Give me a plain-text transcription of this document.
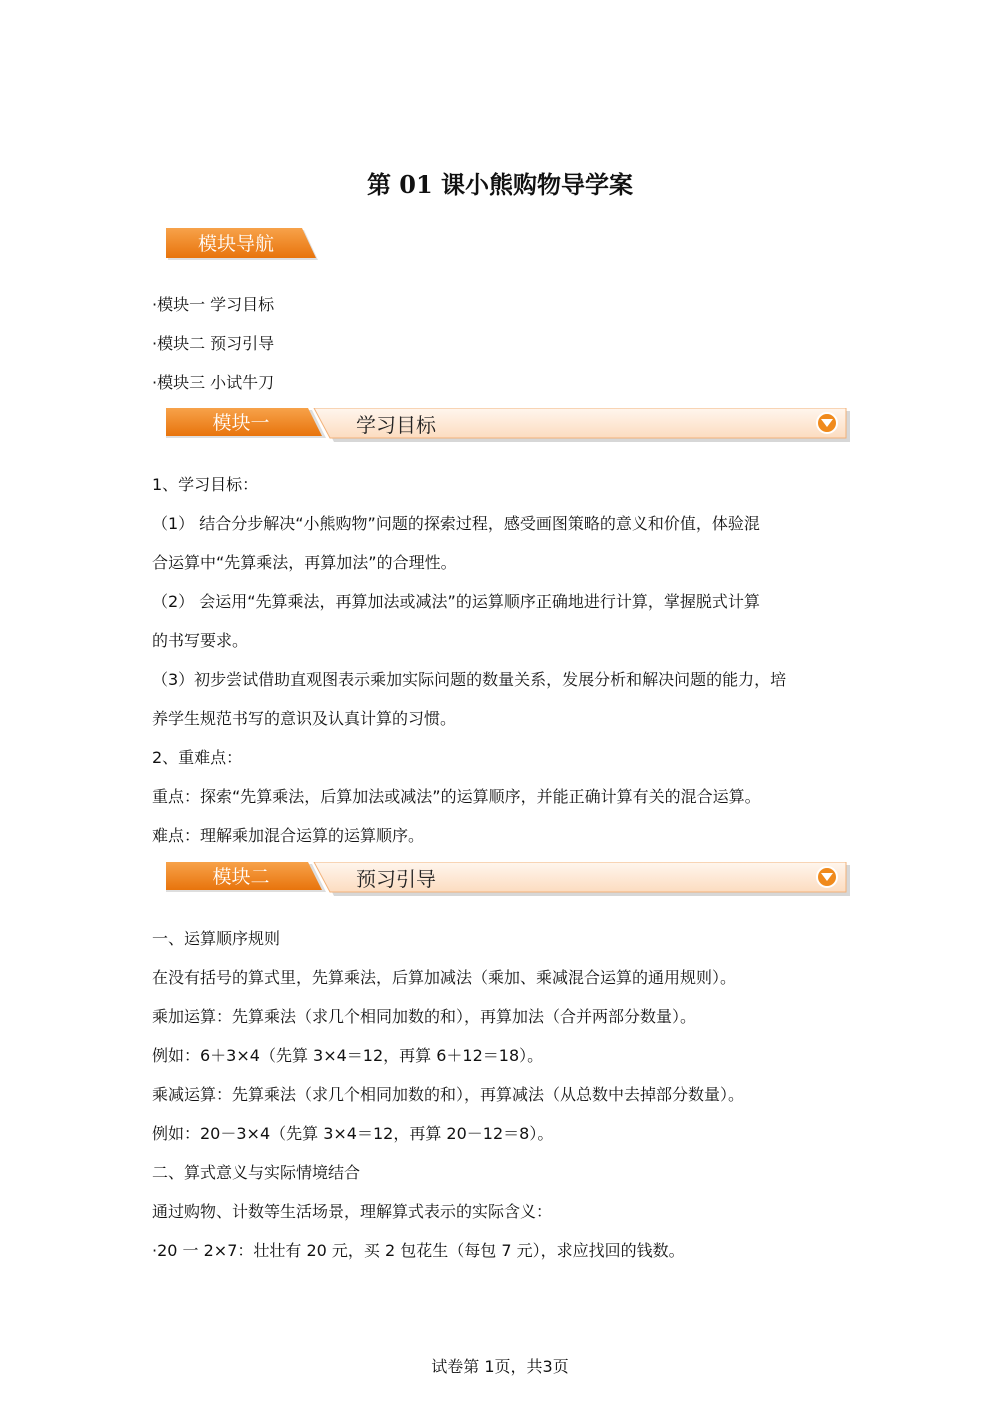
第 01 课小熊购物导学案
模块导航
·模块一 学习目标
·模块二 预习引导
·模块三 小试牛刀
模块一	学习目标
1、学习目标：
（1） 结合分步解决“小熊购物”问题的探索过程，感受画图策略的意义和价值，体验混
合运算中“先算乘法，再算加法”的合理性。
（2） 会运用“先算乘法，再算加法或减法”的运算顺序正确地进行计算，掌握脱式计算
的书写要求。
（3）初步尝试借助直观图表示乘加实际问题的数量关系，发展分析和解决问题的能力，培
养学生规范书写的意识及认真计算的习惯。
2、重难点：
重点：探索“先算乘法，后算加法或减法”的运算顺序，并能正确计算有关的混合运算。
难点：理解乘加混合运算的运算顺序。
模块二	预习引导
一、运算顺序规则
在没有括号的算式里，先算乘法，后算加减法（乘加、乘减混合运算的通用规则）。
乘加运算：先算乘法（求几个相同加数的和），再算加法（合并两部分数量）。
例如：6＋3×4（先算 3×4＝12，再算 6＋12＝18）。
乘减运算：先算乘法（求几个相同加数的和），再算减法（从总数中去掉部分数量）。
例如：20－3×4（先算 3×4＝12，再算 20－12＝8）。
二、算式意义与实际情境结合
通过购物、计数等生活场景，理解算式表示的实际含义：
·20 一 2×7：壮壮有 20 元，买 2 包花生（每包 7 元），求应找回的钱数。
试卷第 1页，共3页
